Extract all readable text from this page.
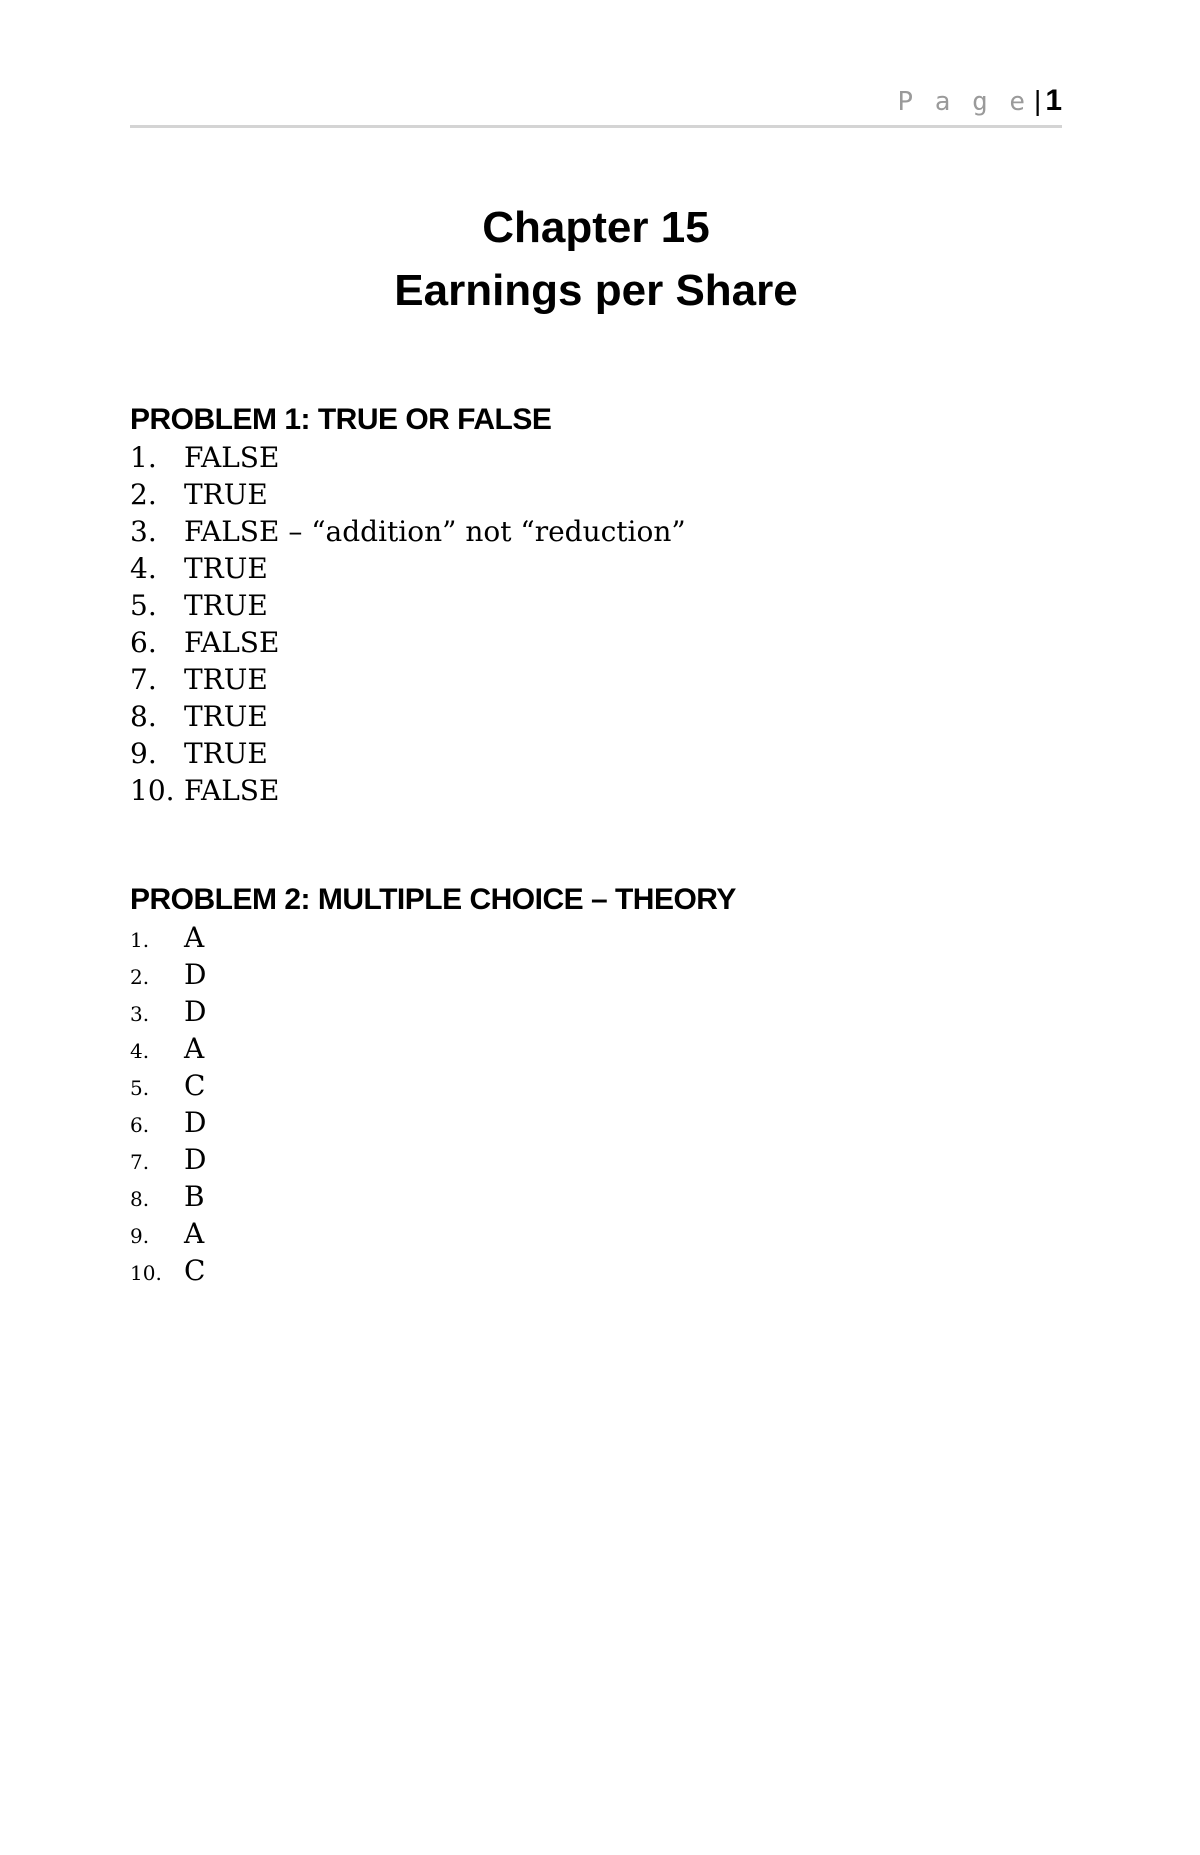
P a g e | 1
Chapter 15
Earnings per Share
PROBLEM 1: TRUE OR FALSE
1. FALSE
2. TRUE
3. FALSE – “addition” not “reduction”
4. TRUE
5. TRUE
6. FALSE
7. TRUE
8. TRUE
9. TRUE
10. FALSE
PROBLEM 2: MULTIPLE CHOICE – THEORY
1. A
2. D
3. D
4. A
5. C
6. D
7. D
8. B
9. A
10. C
